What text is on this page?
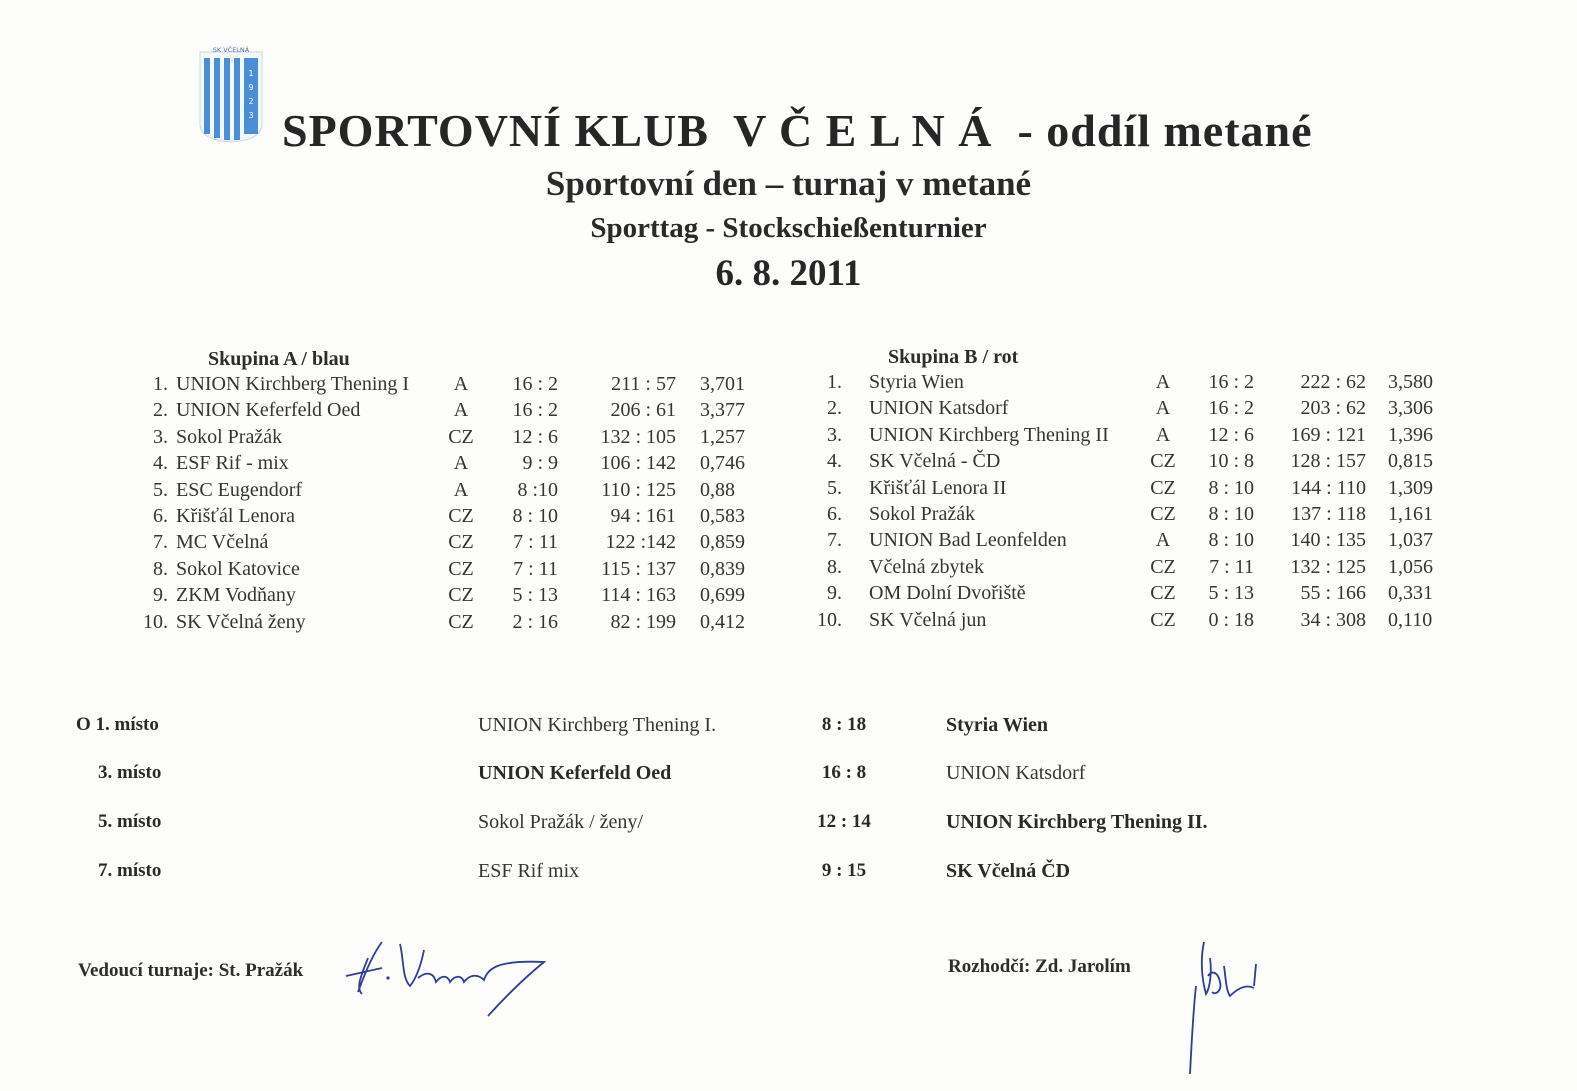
SK VČELNÁ
1
9
2
3 SPORTOVNÍ KLUB  V Č E L N Á  - oddíl metané
Sportovní den – turnaj v metané
Sporttag - Stockschießenturnier
6. 8. 2011
Skupina A / blau
1. UNION Kirchberg Thening I	A	16 : 2	211 : 57 3,701
2. UNION Keferfeld Oed	A	16 : 2	206 : 61 3,377
3. Sokol Pražák	CZ	12 : 6	132 : 105 1,257
4. ESF Rif - mix	A	9 : 9	106 : 142 0,746
5. ESC Eugendorf	A	8 :10	110 : 125 0,88
6. Křišťál Lenora	CZ	8 : 10	94 : 161 0,583
7. MC Včelná	CZ	7 : 11	122 :142 0,859
8. Sokol Katovice	CZ	7 : 11	115 : 137 0,839
9. ZKM Vodňany	CZ	5 : 13	114 : 163 0,699
10. SK Včelná ženy	CZ	2 : 16	82 : 199 0,412
Skupina B / rot
1. Styria Wien	A	16 : 2	222 : 62 3,580
2. UNION Katsdorf	A	16 : 2	203 : 62 3,306
3. UNION Kirchberg Thening II	A	12 : 6	169 : 121 1,396
4. SK Včelná - ČD	CZ	10 : 8	128 : 157 0,815
5. Křišťál Lenora II	CZ	8 : 10	144 : 110 1,309
6. Sokol Pražák	CZ	8 : 10	137 : 118 1,161
7. UNION Bad Leonfelden	A	8 : 10	140 : 135 1,037
8. Včelná zbytek	CZ	7 : 11	132 : 125 1,056
9. OM Dolní Dvořiště	CZ	5 : 13	55 : 166 0,331
10. SK Včelná jun	CZ	0 : 18	34 : 308 0,110
O 1. místo	UNION Kirchberg Thening I.	8 : 18	Styria Wien
3. místo	UNION Keferfeld Oed	16 : 8	UNION Katsdorf
5. místo	Sokol Pražák / ženy/	12 : 14	UNION Kirchberg Thening II.
7. místo	ESF Rif mix	9 : 15	SK Včelná ČD
Vedoucí turnaje: St. Pražák	Rozhodčí: Zd. Jarolím
